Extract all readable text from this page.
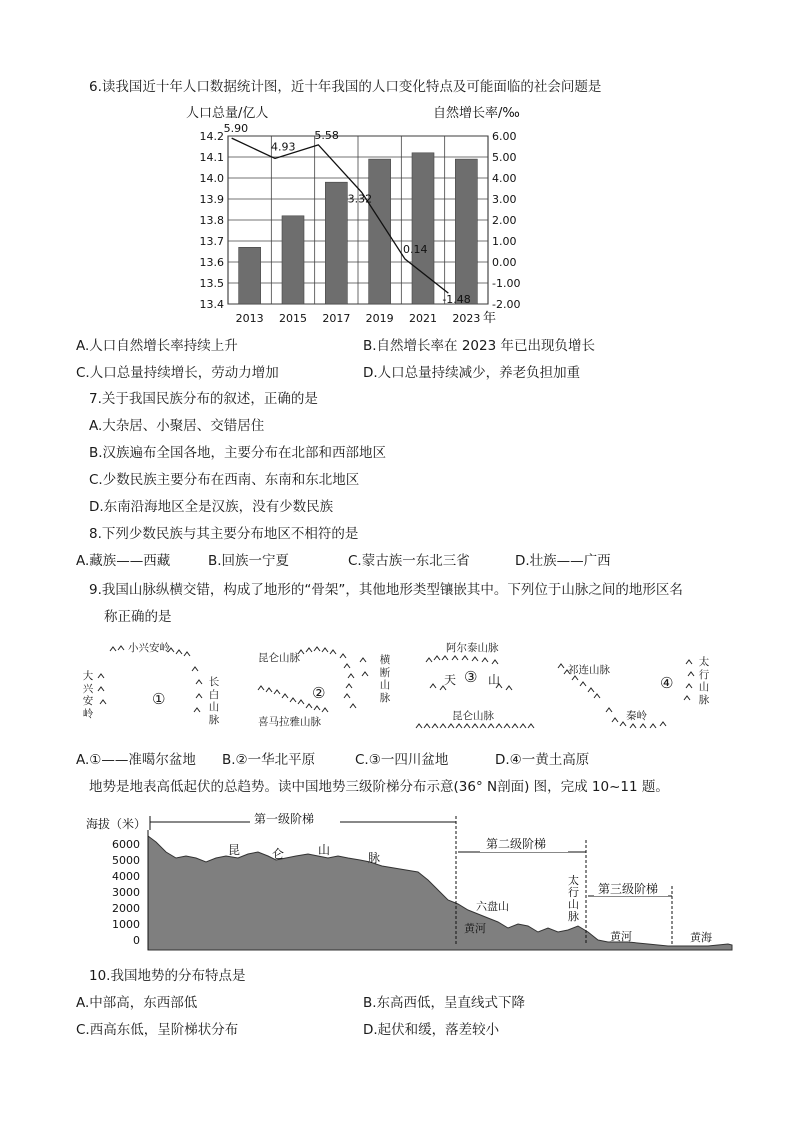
6.读我国近十年人口数据统计图，近十年我国的人口变化特点及可能面临的社会问题是
人口总量/亿人	自然增长率/‰
13.4
13.5
13.6
13.7
13.8
13.9
14.0
14.1
14.2
-2.00
-1.00
0.00
1.00
2.00
3.00
4.00
5.00
6.00
2013 2015 2017 2019 2021 2023
5.90
4.93
5.58
3.32
0.14
-1.48
年
A.人口自然增长率持续上升	B.自然增长率在 2023 年已出现负增长
C.人口总量持续增长，劳动力增加	D.人口总量持续减少，养老负担加重
7.关于我国民族分布的叙述，正确的是
A.大杂居、小聚居、交错居住
B.汉族遍布全国各地，主要分布在北部和西部地区
C.少数民族主要分布在西南、东南和东北地区
D.东南沿海地区全是汉族，没有少数民族
8.下列少数民族与其主要分布地区不相符的是
A.藏族——西藏	B.回族一宁夏	C.蒙古族一东北三省	D.壮族——广西
9.我国山脉纵横交错，构成了地形的“骨架”，其他地形类型镶嵌其中。下列位于山脉之间的地形区名
称正确的是
小兴安岭
大兴安岭
长白山脉
①
昆仑山脉	横断山脉
喜马拉雅山脉
②
阿尔泰山脉
天 ③ 山
昆仑山脉
祁连山脉
太行山脉
秦岭
④
A.①——准噶尔盆地 B.②一华北平原	C.③一四川盆地	D.④一黄土高原
地势是地表高低起伏的总趋势。读中国地势三级阶梯分布示意(36° N剖面) 图，完成 10~11 题。
海拔（米）
6000
5000
4000
3000
2000
1000
0
第一级阶梯
第二级阶梯
第三级阶梯
昆	仑	山
脉
六盘山
太行山脉
黄河
黄河	黄海
10.我国地势的分布特点是
A.中部高，东西部低	B.东高西低，呈直线式下降
C.西高东低，呈阶梯状分布	D.起伏和缓，落差较小
